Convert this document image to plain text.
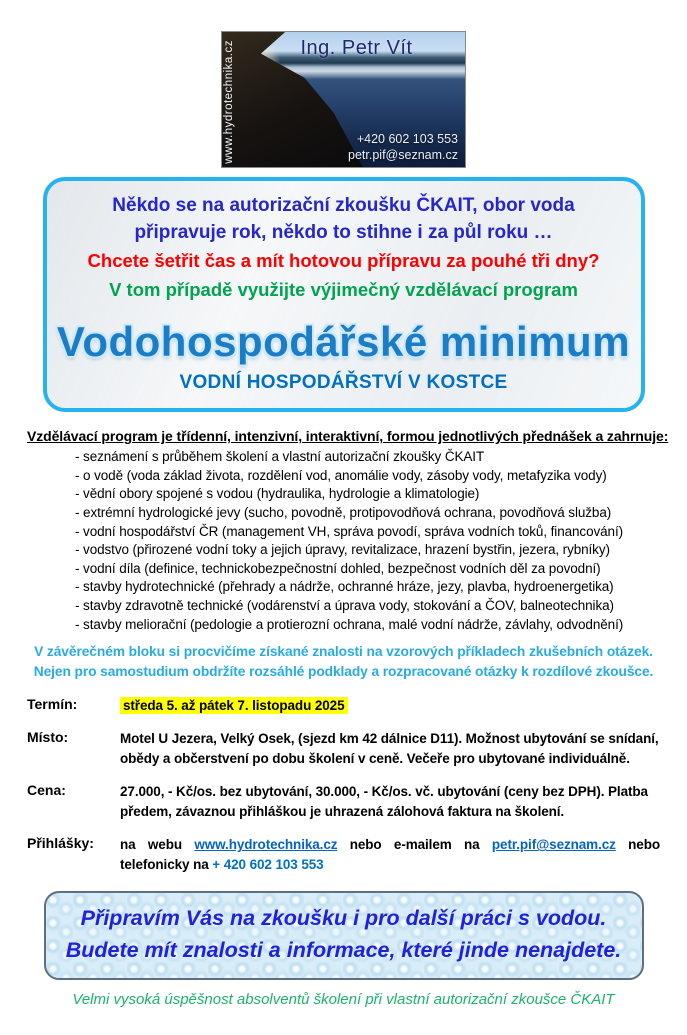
Ing. Petr Vít
www.hydrotechnika.cz	+420 602 103 553
petr.pif@seznam.cz
Někdo se na autorizační zkoušku ČKAIT, obor voda
připravuje rok, někdo to stihne i za půl roku …
Chcete šetřit čas a mít hotovou přípravu za pouhé tři dny?
V tom případě využijte výjimečný vzdělávací program
Vodohospodářské minimum
VODNÍ HOSPODÁŘSTVÍ V KOSTCE
Vzdělávací program je třídenní, intenzivní, interaktivní, formou jednotlivých přednášek a zahrnuje:
- seznámení s průběhem školení a vlastní autorizační zkoušky ČKAIT
- o vodě (voda základ života, rozdělení vod, anomálie vody, zásoby vody, metafyzika vody)
- vědní obory spojené s vodou (hydraulika, hydrologie a klimatologie)
- extrémní hydrologické jevy (sucho, povodně, protipovodňová ochrana, povodňová služba)
- vodní hospodářství ČR (management VH, správa povodí, správa vodních toků, financování)
- vodstvo (přirozené vodní toky a jejich úpravy, revitalizace, hrazení bystřin, jezera, rybníky)
- vodní díla (definice, technickobezpečnostní dohled, bezpečnost vodních děl za povodní)
- stavby hydrotechnické (přehrady a nádrže, ochranné hráze, jezy, plavba, hydroenergetika)
- stavby zdravotně technické (vodárenství a úprava vody, stokování a ČOV, balneotechnika)
- stavby meliorační (pedologie a protierozní ochrana, malé vodní nádrže, závlahy, odvodnění)
V závěrečném bloku si procvičíme získané znalosti na vzorových příkladech zkušebních otázek.
Nejen pro samostudium obdržíte rozsáhlé podklady a rozpracované otázky k rozdílové zkoušce.
Termín:	středa 5. až pátek 7. listopadu 2025
Místo:	Motel U Jezera, Velký Osek, (sjezd km 42 dálnice D11). Možnost ubytování se snídaní, obědy a občerstvení po dobu školení v ceně. Večeře pro ubytované individuálně.
Cena:	27.000, - Kč/os. bez ubytování, 30.000, - Kč/os. vč. ubytování (ceny bez DPH). Platba předem, závaznou přihláškou je uhrazená zálohová faktura na školení.
Přihlášky:	na webu www.hydrotechnika.cz nebo e-mailem na petr.pif@seznam.cz nebo telefonicky na + 420 602 103 553
Připravím Vás na zkoušku i pro další práci s vodou.
Budete mít znalosti a informace, které jinde nenajdete.
Velmi vysoká úspěšnost absolventů školení při vlastní autorizační zkoušce ČKAIT
